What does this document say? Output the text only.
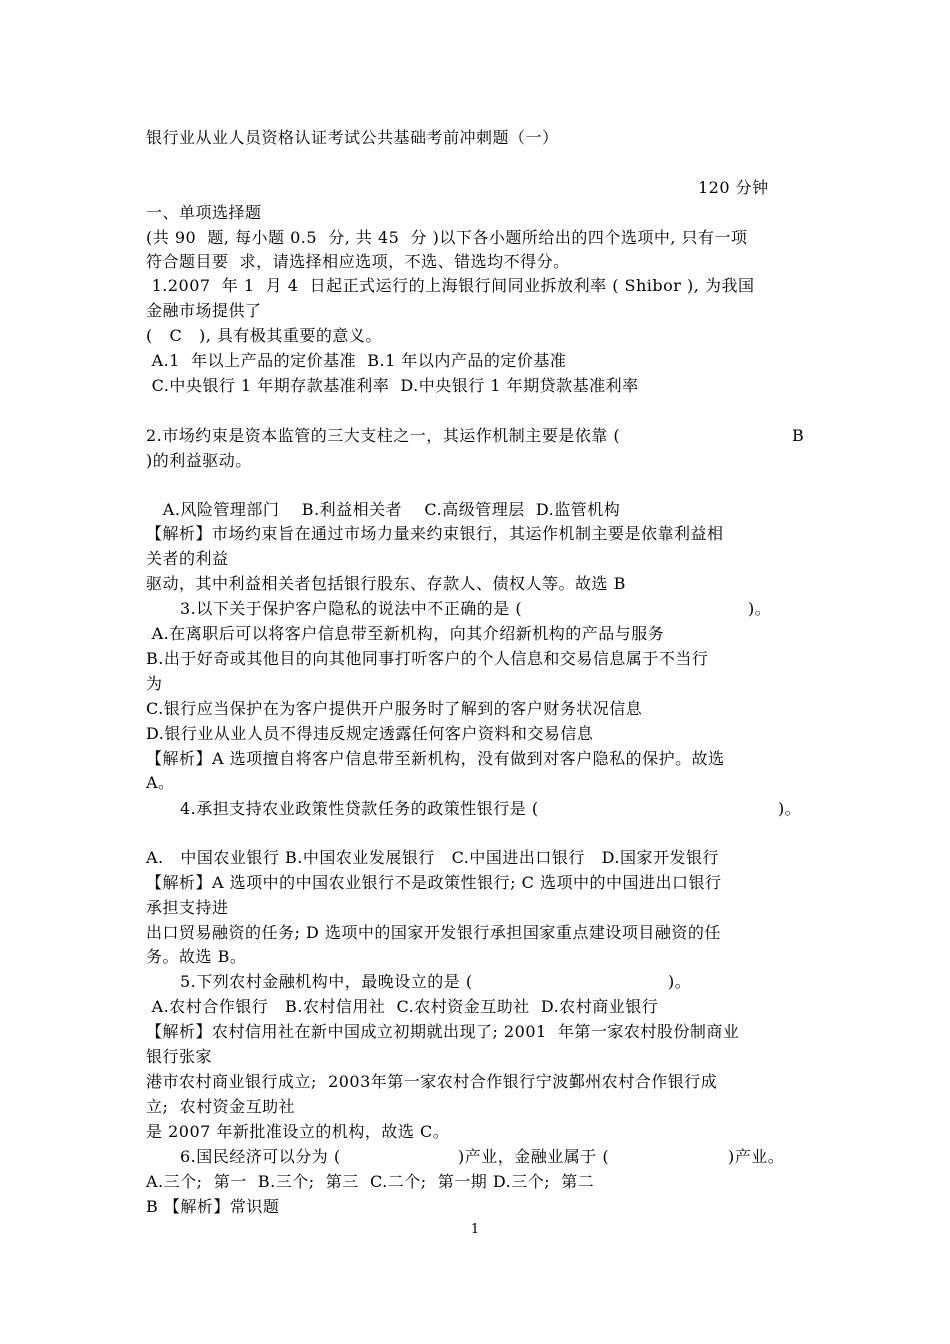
银行业从业人员资格认证考试公共基础考前冲刺题（一）
120 分钟
一、单项选择题
(共 90  题, 每小题 0.5  分, 共 45  分 )以下各小题所给出的四个选项中, 只有一项
符合题目要  求，请选择相应选项，不选、错选均不得分。
1.2007  年 1  月 4  日起正式运行的上海银行间同业拆放利率 ( Shibor ), 为我国
金融市场提供了
(   C   ), 具有极其重要的意义。
A.1  年以上产品的定价基准  B.1 年以内产品的定价基准
C.中央银行 1 年期存款基准利率  D.中央银行 1 年期贷款基准利率
2.市场约束是资本监管的三大支柱之一，其运作机制主要是依靠 (	B
)的利益驱动。
A.风险管理部门    B.利益相关者    C.高级管理层  D.监管机构
【解析】市场约束旨在通过市场力量来约束银行，其运作机制主要是依靠利益相
关者的利益
驱动，其中利益相关者包括银行股东、存款人、债权人等。故选 B
3.以下关于保护客户隐私的说法中不正确的是 (	)。
A.在离职后可以将客户信息带至新机构，向其介绍新机构的产品与服务
B.出于好奇或其他目的向其他同事打听客户的个人信息和交易信息属于不当行
为
C.银行应当保护在为客户提供开户服务时了解到的客户财务状况信息
D.银行业从业人员不得违反规定透露任何客户资料和交易信息
【解析】A 选项擅自将客户信息带至新机构，没有做到对客户隐私的保护。故选
A。
4.承担支持农业政策性贷款任务的政策性银行是 (	)。
A.   中国农业银行 B.中国农业发展银行   C.中国进出口银行   D.国家开发银行
【解析】A 选项中的中国农业银行不是政策性银行; C 选项中的中国进出口银行
承担支持进
出口贸易融资的任务; D 选项中的国家开发银行承担国家重点建设项目融资的任
务。故选 B。
5.下列农村金融机构中，最晚设立的是 (	)。
A.农村合作银行   B.农村信用社  C.农村资金互助社  D.农村商业银行
【解析】农村信用社在新中国成立初期就出现了; 2001  年第一家农村股份制商业
银行张家
港市农村商业银行成立;  2003年第一家农村合作银行宁波鄞州农村合作银行成
立;  农村资金互助社
是 2007 年新批准设立的机构，故选 C。
6.国民经济可以分为 (	)产业，金融业属于 (	)产业。
A.三个;  第一  B.三个;  第三  C.二个;  第一期 D.三个;  第二
B 【解析】常识题
1
